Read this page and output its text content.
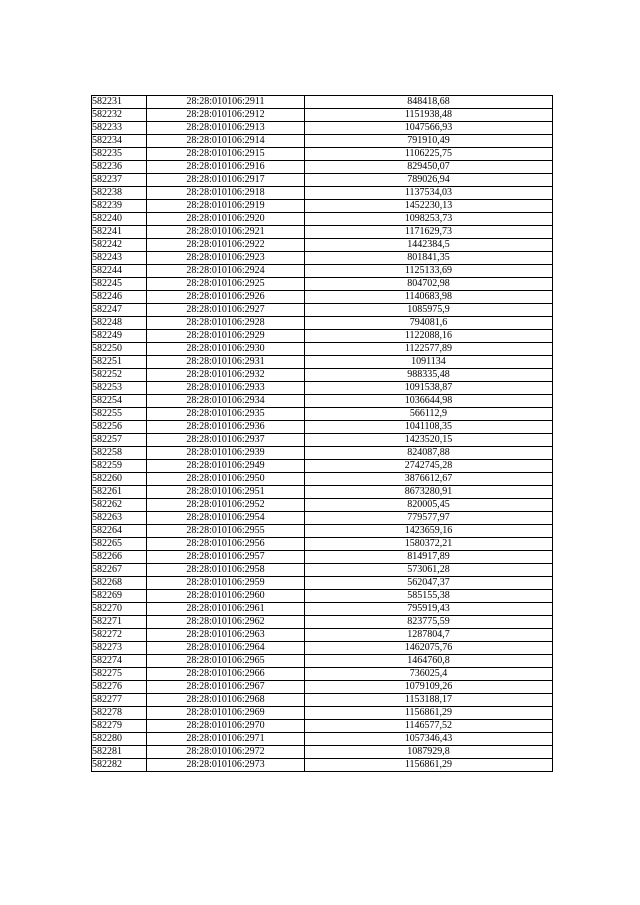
582231	28:28:010106:2911	848418,68
582232	28:28:010106:2912	1151938,48
582233	28:28:010106:2913	1047566,93
582234	28:28:010106:2914	791910,49
582235	28:28:010106:2915	1106225,75
582236	28:28:010106:2916	829450,07
582237	28:28:010106:2917	789026,94
582238	28:28:010106:2918	1137534,03
582239	28:28:010106:2919	1452230,13
582240	28:28:010106:2920	1098253,73
582241	28:28:010106:2921	1171629,73
582242	28:28:010106:2922	1442384,5
582243	28:28:010106:2923	801841,35
582244	28:28:010106:2924	1125133,69
582245	28:28:010106:2925	804702,98
582246	28:28:010106:2926	1140683,98
582247	28:28:010106:2927	1085975,9
582248	28:28:010106:2928	794081,6
582249	28:28:010106:2929	1122088,16
582250	28:28:010106:2930	1122577,89
582251	28:28:010106:2931	1091134
582252	28:28:010106:2932	988335,48
582253	28:28:010106:2933	1091538,87
582254	28:28:010106:2934	1036644,98
582255	28:28:010106:2935	566112,9
582256	28:28:010106:2936	1041108,35
582257	28:28:010106:2937	1423520,15
582258	28:28:010106:2939	824087,88
582259	28:28:010106:2949	2742745,28
582260	28:28:010106:2950	3876612,67
582261	28:28:010106:2951	8673280,91
582262	28:28:010106:2952	820005,45
582263	28:28:010106:2954	779577,97
582264	28:28:010106:2955	1423659,16
582265	28:28:010106:2956	1580372,21
582266	28:28:010106:2957	814917,89
582267	28:28:010106:2958	573061,28
582268	28:28:010106:2959	562047,37
582269	28:28:010106:2960	585155,38
582270	28:28:010106:2961	795919,43
582271	28:28:010106:2962	823775,59
582272	28:28:010106:2963	1287804,7
582273	28:28:010106:2964	1462075,76
582274	28:28:010106:2965	1464760,8
582275	28:28:010106:2966	736025,4
582276	28:28:010106:2967	1079109,26
582277	28:28:010106:2968	1153188,17
582278	28:28:010106:2969	1156861,29
582279	28:28:010106:2970	1146577,52
582280	28:28:010106:2971	1057346,43
582281	28:28:010106:2972	1087929,8
582282	28:28:010106:2973	1156861,29
